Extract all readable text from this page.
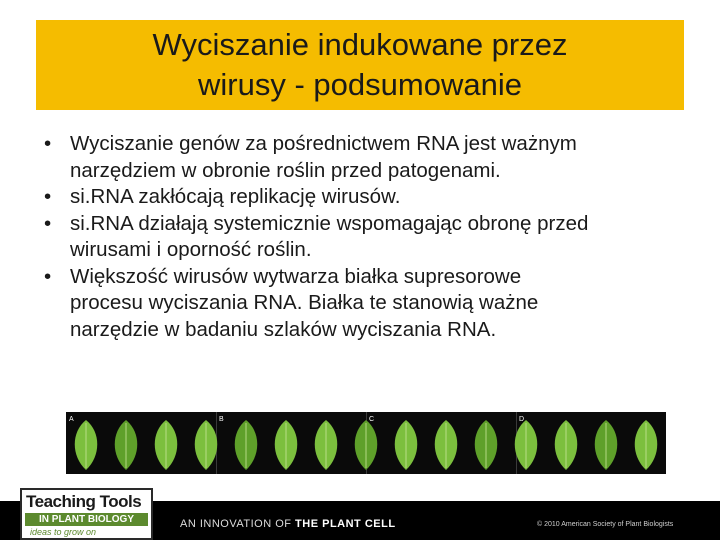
Wyciszanie indukowane przez
wirusy - podsumowanie
• Wyciszanie genów za pośrednictwem RNA jest ważnym
narzędziem w obronie roślin przed patogenami.
• si.RNA zakłócają replikację wirusów.
• si.RNA działają systemicznie wspomagając obronę przed
wirusami i oporność roślin.
• Większość wirusów wytwarza białka supresorowe
procesu wyciszania RNA. Białka te stanowią ważne
narzędzie w badaniu szlaków wyciszania RNA.
A	B	C	D
Teaching Tools
IN PLANT BIOLOGY
ideas to grow on
AN INNOVATION OF THE PLANT CELL	© 2010 American Society of Plant Biologists
